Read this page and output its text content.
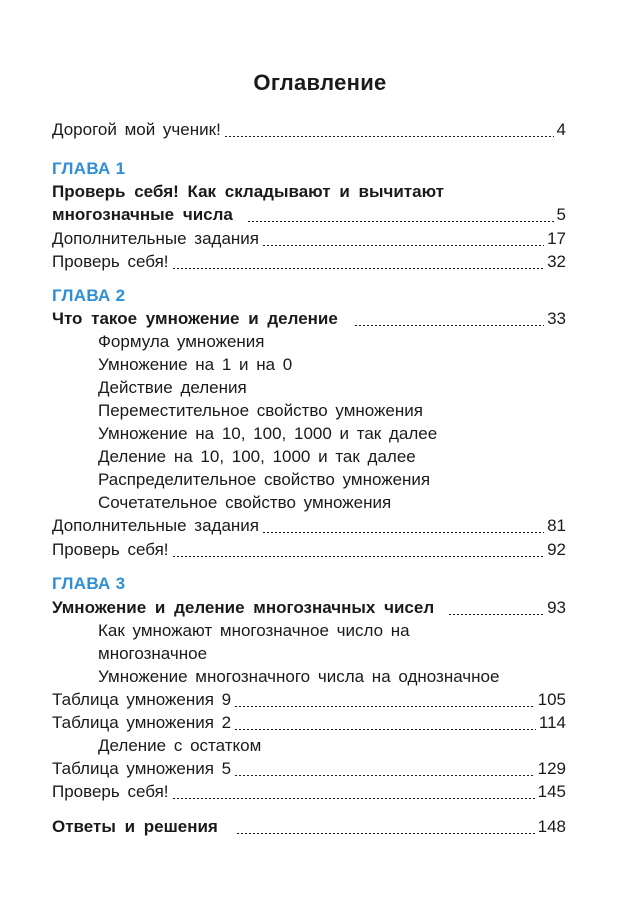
Оглавление
Дорогой мой ученик!	4
ГЛАВА 1
Проверь себя! Как складывают и вычитают
многозначные числа	5
Дополнительные задания	17
Проверь себя!	32
ГЛАВА 2
Что такое умножение и деление	33
Формула умножения
Умножение на 1 и на 0
Действие деления
Переместительное свойство умножения
Умножение на 10, 100, 1000 и так далее
Деление на 10, 100, 1000 и так далее
Распределительное свойство умножения
Сочетательное свойство умножения
Дополнительные задания	81
Проверь себя!	92
ГЛАВА 3
Умножение и деление многозначных чисел	93
Как умножают многозначное число на
многозначное
Умножение многозначного числа на однозначное
Таблица умножения 9	105
Таблица умножения 2	114
Деление с остатком
Таблица умножения 5	129
Проверь себя!	145
Ответы и решения	148
